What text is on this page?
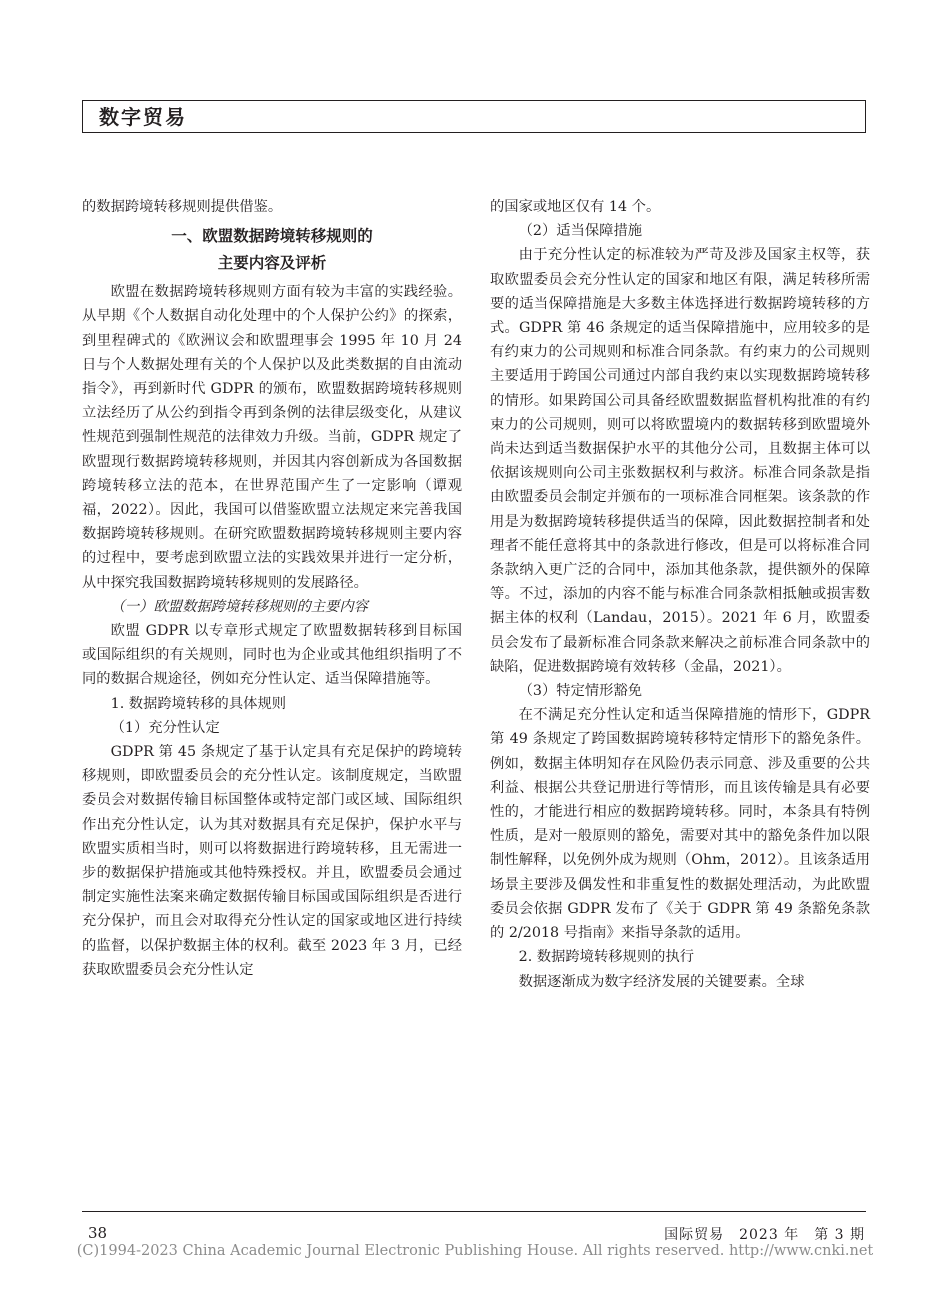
数字贸易

的数据跨境转移规则提供借鉴。

一、欧盟数据跨境转移规则的
主要内容及评析

欧盟在数据跨境转移规则方面有较为丰富的实践经验。从早期《个人数据自动化处理中的个人保护公约》的探索，到里程碑式的《欧洲议会和欧盟理事会 1995 年 10 月 24 日与个人数据处理有关的个人保护以及此类数据的自由流动指令》，再到新时代 GDPR 的颁布，欧盟数据跨境转移规则立法经历了从公约到指令再到条例的法律层级变化，从建议性规范到强制性规范的法律效力升级。当前，GDPR 规定了欧盟现行数据跨境转移规则，并因其内容创新成为各国数据跨境转移立法的范本，在世界范围产生了一定影响（谭观福，2022）。因此，我国可以借鉴欧盟立法规定来完善我国数据跨境转移规则。在研究欧盟数据跨境转移规则主要内容的过程中，要考虑到欧盟立法的实践效果并进行一定分析，从中探究我国数据跨境转移规则的发展路径。

（一）欧盟数据跨境转移规则的主要内容

欧盟 GDPR 以专章形式规定了欧盟数据转移到目标国或国际组织的有关规则，同时也为企业或其他组织指明了不同的数据合规途径，例如充分性认定、适当保障措施等。

1. 数据跨境转移的具体规则

（1）充分性认定

GDPR 第 45 条规定了基于认定具有充足保护的跨境转移规则，即欧盟委员会的充分性认定。该制度规定，当欧盟委员会对数据传输目标国整体或特定部门或区域、国际组织作出充分性认定，认为其对数据具有充足保护，保护水平与欧盟实质相当时，则可以将数据进行跨境转移，且无需进一步的数据保护措施或其他特殊授权。并且，欧盟委员会通过制定实施性法案来确定数据传输目标国或国际组织是否进行充分保护，而且会对取得充分性认定的国家或地区进行持续的监督，以保护数据主体的权利。截至 2023 年 3 月，已经获取欧盟委员会充分性认定

的国家或地区仅有 14 个。

（2）适当保障措施

由于充分性认定的标准较为严苛及涉及国家主权等，获取欧盟委员会充分性认定的国家和地区有限，满足转移所需要的适当保障措施是大多数主体选择进行数据跨境转移的方式。GDPR 第 46 条规定的适当保障措施中，应用较多的是有约束力的公司规则和标准合同条款。有约束力的公司规则主要适用于跨国公司通过内部自我约束以实现数据跨境转移的情形。如果跨国公司具备经欧盟数据监督机构批准的有约束力的公司规则，则可以将欧盟境内的数据转移到欧盟境外尚未达到适当数据保护水平的其他分公司，且数据主体可以依据该规则向公司主张数据权利与救济。标准合同条款是指由欧盟委员会制定并颁布的一项标准合同框架。该条款的作用是为数据跨境转移提供适当的保障，因此数据控制者和处理者不能任意将其中的条款进行修改，但是可以将标准合同条款纳入更广泛的合同中，添加其他条款，提供额外的保障等。不过，添加的内容不能与标准合同条款相抵触或损害数据主体的权利（Landau，2015）。2021 年 6 月，欧盟委员会发布了最新标准合同条款来解决之前标准合同条款中的缺陷，促进数据跨境有效转移（金晶，2021）。

（3）特定情形豁免

在不满足充分性认定和适当保障措施的情形下，GDPR 第 49 条规定了跨国数据跨境转移特定情形下的豁免条件。例如，数据主体明知存在风险仍表示同意、涉及重要的公共利益、根据公共登记册进行等情形，而且该传输是具有必要性的，才能进行相应的数据跨境转移。同时，本条具有特例性质，是对一般原则的豁免，需要对其中的豁免条件加以限制性解释，以免例外成为规则（Ohm，2012）。且该条适用场景主要涉及偶发性和非重复性的数据处理活动，为此欧盟委员会依据 GDPR 发布了《关于 GDPR 第 49 条豁免条款的 2/2018 号指南》来指导条款的适用。

2. 数据跨境转移规则的执行

数据逐渐成为数字经济发展的关键要素。全球

38	国际贸易　2023 年　第 3 期
(C)1994-2023 China Academic Journal Electronic Publishing House. All rights reserved. http://www.cnki.net
